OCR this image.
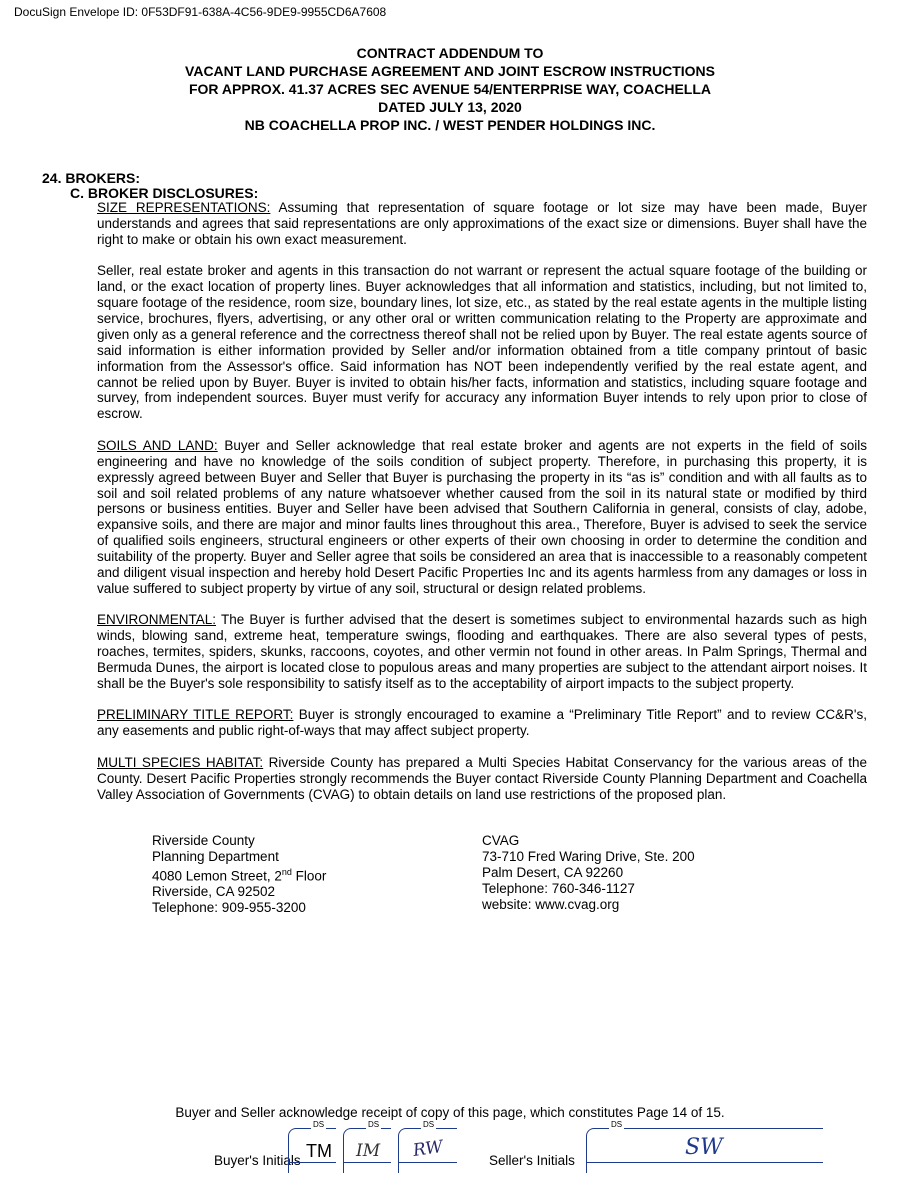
DocuSign Envelope ID: 0F53DF91-638A-4C56-9DE9-9955CD6A7608
CONTRACT ADDENDUM TO
VACANT LAND PURCHASE AGREEMENT AND JOINT ESCROW INSTRUCTIONS
FOR APPROX. 41.37 ACRES SEC AVENUE 54/ENTERPRISE WAY, COACHELLA
DATED JULY 13, 2020
NB COACHELLA PROP INC. / WEST PENDER HOLDINGS INC.
24. BROKERS:
C. BROKER DISCLOSURES:

SIZE REPRESENTATIONS: Assuming that representation of square footage or lot size may have been made, Buyer understands and agrees that said representations are only approximations of the exact size or dimensions. Buyer shall have the right to make or obtain his own exact measurement.

Seller, real estate broker and agents in this transaction do not warrant or represent the actual square footage of the building or land, or the exact location of property lines. Buyer acknowledges that all information and statistics, including, but not limited to, square footage of the residence, room size, boundary lines, lot size, etc., as stated by the real estate agents in the multiple listing service, brochures, flyers, advertising, or any other oral or written communication relating to the Property are approximate and given only as a general reference and the correctness thereof shall not be relied upon by Buyer. The real estate agents source of said information is either information provided by Seller and/or information obtained from a title company printout of basic information from the Assessor's office. Said information has NOT been independently verified by the real estate agent, and cannot be relied upon by Buyer. Buyer is invited to obtain his/her facts, information and statistics, including square footage and survey, from independent sources. Buyer must verify for accuracy any information Buyer intends to rely upon prior to close of escrow.

SOILS AND LAND: Buyer and Seller acknowledge that real estate broker and agents are not experts in the field of soils engineering and have no knowledge of the soils condition of subject property. Therefore, in purchasing this property, it is expressly agreed between Buyer and Seller that Buyer is purchasing the property in its “as is” condition and with all faults as to soil and soil related problems of any nature whatsoever whether caused from the soil in its natural state or modified by third persons or business entities. Buyer and Seller have been advised that Southern California in general, consists of clay, adobe, expansive soils, and there are major and minor faults lines throughout this area., Therefore, Buyer is advised to seek the service of qualified soils engineers, structural engineers or other experts of their own choosing in order to determine the condition and suitability of the property. Buyer and Seller agree that soils be considered an area that is inaccessible to a reasonably competent and diligent visual inspection and hereby hold Desert Pacific Properties Inc and its agents harmless from any damages or loss in value suffered to subject property by virtue of any soil, structural or design related problems.

ENVIRONMENTAL: The Buyer is further advised that the desert is sometimes subject to environmental hazards such as high winds, blowing sand, extreme heat, temperature swings, flooding and earthquakes. There are also several types of pests, roaches, termites, spiders, skunks, raccoons, coyotes, and other vermin not found in other areas. In Palm Springs, Thermal and Bermuda Dunes, the airport is located close to populous areas and many properties are subject to the attendant airport noises. It shall be the Buyer's sole responsibility to satisfy itself as to the acceptability of airport impacts to the subject property.

PRELIMINARY TITLE REPORT: Buyer is strongly encouraged to examine a “Preliminary Title Report” and to review CC&R's, any easements and public right-of-ways that may affect subject property.

MULTI SPECIES HABITAT: Riverside County has prepared a Multi Species Habitat Conservancy for the various areas of the County. Desert Pacific Properties strongly recommends the Buyer contact Riverside County Planning Department and Coachella Valley Association of Governments (CVAG) to obtain details on land use restrictions of the proposed plan.

Riverside County
Planning Department
4080 Lemon Street, 2nd Floor
Riverside, CA 92502
Telephone: 909-955-3200
CVAG
73-710 Fred Waring Drive, Ste. 200
Palm Desert, CA 92260
Telephone: 760-346-1127
website: www.cvag.org
Buyer and Seller acknowledge receipt of copy of this page, which constitutes Page 14 of 15.
Buyer's Initials	Seller's Initials
DS
TM
DS
IM
DS
RW
DS
SW
